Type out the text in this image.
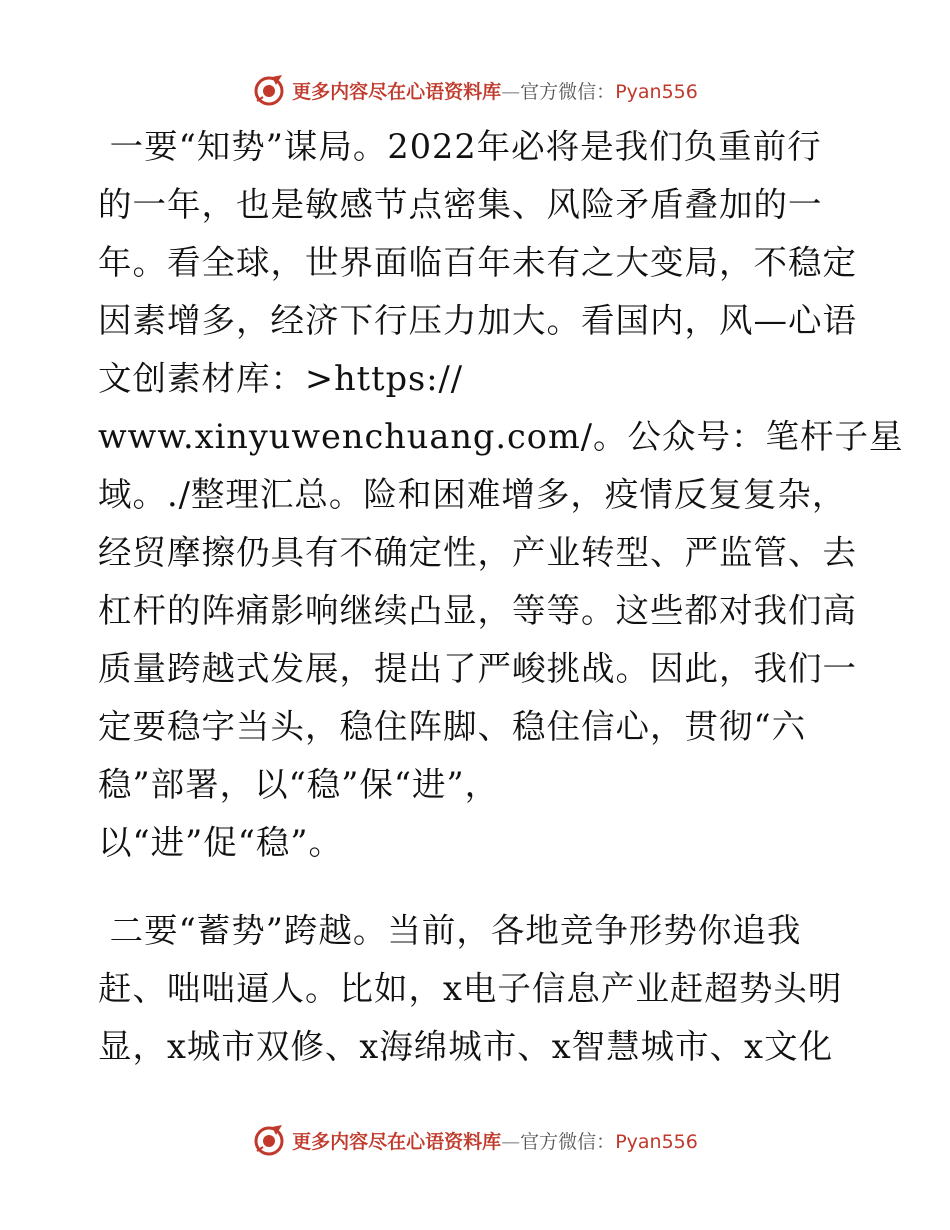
更多内容尽在心语资料库—官方微信：Pyan556
一要“知势”谋局。2022年必将是我们负重前行
的一年，也是敏感节点密集、风险矛盾叠加的一
年。看全球，世界面临百年未有之大变局，不稳定
因素增多，经济下行压力加大。看国内，风—心语
文创素材库：>https://
www.xinyuwenchuang.com/。公众号：笔杆子星
域。./整理汇总。险和困难增多，疫情反复复杂，
经贸摩擦仍具有不确定性，产业转型、严监管、去
杠杆的阵痛影响继续凸显，等等。这些都对我们高
质量跨越式发展，提出了严峻挑战。因此，我们一
定要稳字当头，稳住阵脚、稳住信心，贯彻“六
稳”部署，以“稳”保“进”，
以“进”促“稳”。
二要“蓄势”跨越。当前，各地竞争形势你追我
赶、咄咄逼人。比如，x电子信息产业赶超势头明
显，x城市双修、x海绵城市、x智慧城市、x文化
更多内容尽在心语资料库—官方微信：Pyan556
